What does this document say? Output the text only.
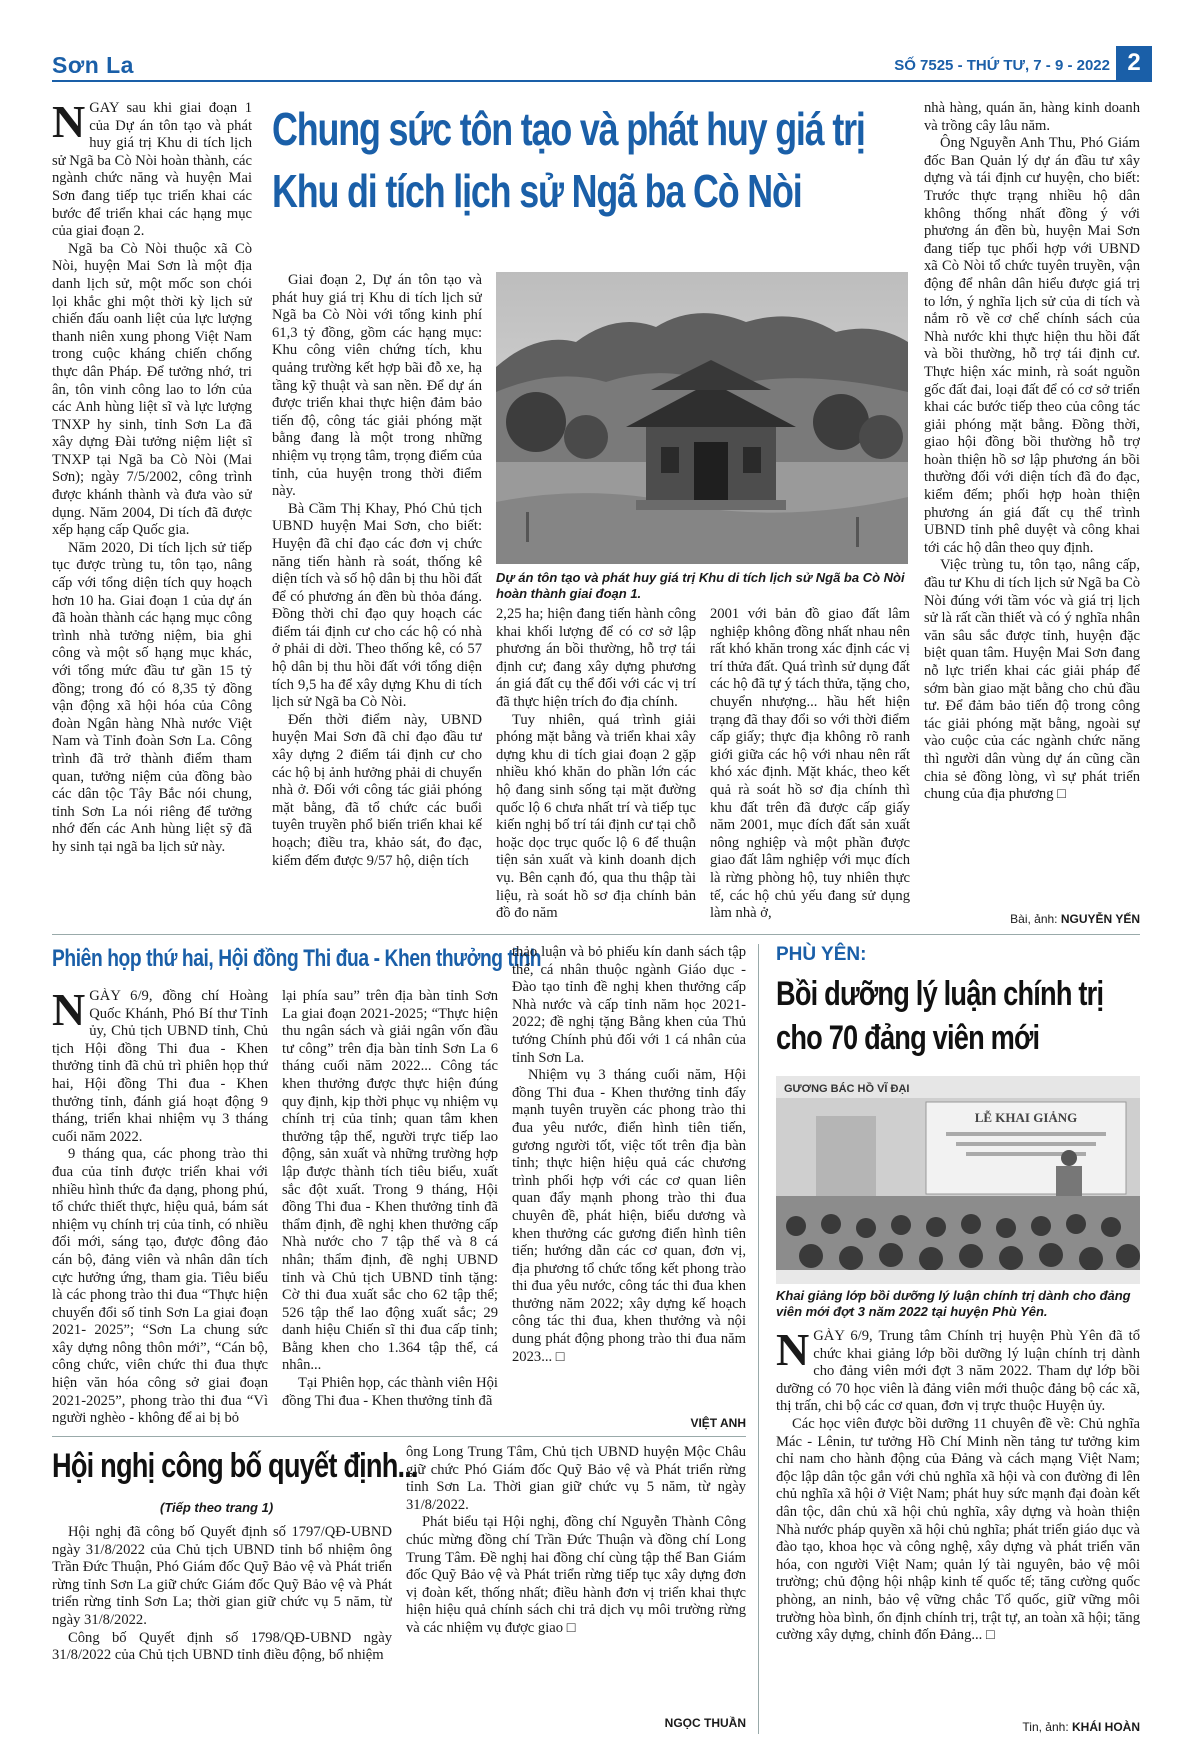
Sơn La	SỐ 7525 - THỨ TƯ, 7 - 9 - 2022 2

NGAY sau khi giai đoạn 1 của Dự án tôn tạo và phát huy giá trị Khu di tích lịch sử Ngã ba Cò Nòi hoàn thành, các ngành chức năng và huyện Mai Sơn đang tiếp tục triển khai các bước để triển khai các hạng mục của giai đoạn 2.

Ngã ba Cò Nòi thuộc xã Cò Nòi, huyện Mai Sơn là một địa danh lịch sử, một mốc son chói lọi khắc ghi một thời kỳ lịch sử chiến đấu oanh liệt của lực lượng thanh niên xung phong Việt Nam trong cuộc kháng chiến chống thực dân Pháp. Để tưởng nhớ, tri ân, tôn vinh công lao to lớn của các Anh hùng liệt sĩ và lực lượng TNXP hy sinh, tỉnh Sơn La đã xây dựng Đài tưởng niệm liệt sĩ TNXP tại Ngã ba Cò Nòi (Mai Sơn); ngày 7/5/2002, công trình được khánh thành và đưa vào sử dụng. Năm 2004, Di tích đã được xếp hạng cấp Quốc gia.

Năm 2020, Di tích lịch sử tiếp tục được trùng tu, tôn tạo, nâng cấp với tổng diện tích quy hoạch hơn 10 ha. Giai đoạn 1 của dự án đã hoàn thành các hạng mục công trình nhà tưởng niệm, bia ghi công và một số hạng mục khác, với tổng mức đầu tư gần 15 tỷ đồng; trong đó có 8,35 tỷ đồng vận động xã hội hóa của Công đoàn Ngân hàng Nhà nước Việt Nam và Tỉnh đoàn Sơn La. Công trình đã trở thành điểm tham quan, tưởng niệm của đồng bào các dân tộc Tây Bắc nói chung, tỉnh Sơn La nói riêng để tưởng nhớ đến các Anh hùng liệt sỹ đã hy sinh tại ngã ba lịch sử này.

Chung sức tôn tạo và phát huy giá trị
Khu di tích lịch sử Ngã ba Cò Nòi

Giai đoạn 2, Dự án tôn tạo và phát huy giá trị Khu di tích lịch sử Ngã ba Cò Nòi với tổng kinh phí 61,3 tỷ đồng, gồm các hạng mục: Khu công viên chứng tích, khu quảng trường kết hợp bãi đỗ xe, hạ tầng kỹ thuật và san nền. Để dự án được triển khai thực hiện đảm bảo tiến độ, công tác giải phóng mặt bằng đang là một trong những nhiệm vụ trọng tâm, trọng điểm của tỉnh, của huyện trong thời điểm này.

Bà Cầm Thị Khay, Phó Chủ tịch UBND huyện Mai Sơn, cho biết: Huyện đã chỉ đạo các đơn vị chức năng tiến hành rà soát, thống kê diện tích và số hộ dân bị thu hồi đất để có phương án đền bù thỏa đáng. Đồng thời chỉ đạo quy hoạch các điểm tái định cư cho các hộ có nhà ở phải di dời. Theo thống kê, có 57 hộ dân bị thu hồi đất với tổng diện tích 9,5 ha để xây dựng Khu di tích lịch sử Ngã ba Cò Nòi.

Đến thời điểm này, UBND huyện Mai Sơn đã chỉ đạo đầu tư xây dựng 2 điểm tái định cư cho các hộ bị ảnh hưởng phải di chuyển nhà ở. Đối với công tác giải phóng mặt bằng, đã tổ chức các buổi tuyên truyền phổ biến triển khai kế hoạch; điều tra, khảo sát, đo đạc, kiểm đếm được 9/57 hộ, diện tích

Dự án tôn tạo và phát huy giá trị Khu di tích lịch sử Ngã ba Cò Nòi hoàn thành giai đoạn 1.

2,25 ha; hiện đang tiến hành công khai khối lượng để có cơ sở lập phương án bồi thường, hỗ trợ tái định cư; đang xây dựng phương án giá đất cụ thể đối với các vị trí đã thực hiện trích đo địa chính.

Tuy nhiên, quá trình giải phóng mặt bằng và triển khai xây dựng khu di tích giai đoạn 2 gặp nhiều khó khăn do phần lớn các hộ đang sinh sống tại mặt đường quốc lộ 6 chưa nhất trí và tiếp tục kiến nghị bố trí tái định cư tại chỗ hoặc dọc trục quốc lộ 6 để thuận tiện sản xuất và kinh doanh dịch vụ. Bên cạnh đó, qua thu thập tài liệu, rà soát hồ sơ địa chính bản đồ đo năm

2001 với bản đồ giao đất lâm nghiệp không đồng nhất nhau nên rất khó khăn trong xác định các vị trí thửa đất. Quá trình sử dụng đất các hộ đã tự ý tách thửa, tặng cho, chuyển nhượng... hầu hết hiện trạng đã thay đổi so với thời điểm cấp giấy; thực địa không rõ ranh giới giữa các hộ với nhau nên rất khó xác định. Mặt khác, theo kết quả rà soát hồ sơ địa chính thì khu đất trên đã được cấp giấy năm 2001, mục đích đất sản xuất nông nghiệp và một phần được giao đất lâm nghiệp với mục đích là rừng phòng hộ, tuy nhiên thực tế, các hộ chủ yếu đang sử dụng làm nhà ở,

nhà hàng, quán ăn, hàng kinh doanh và trồng cây lâu năm.

Ông Nguyễn Anh Thu, Phó Giám đốc Ban Quản lý dự án đầu tư xây dựng và tái định cư huyện, cho biết: Trước thực trạng nhiều hộ dân không thống nhất đồng ý với phương án đền bù, huyện Mai Sơn đang tiếp tục phối hợp với UBND xã Cò Nòi tổ chức tuyên truyền, vận động để nhân dân hiểu được giá trị to lớn, ý nghĩa lịch sử của di tích và nắm rõ về cơ chế chính sách của Nhà nước khi thực hiện thu hồi đất và bồi thường, hỗ trợ tái định cư. Thực hiện xác minh, rà soát nguồn gốc đất đai, loại đất để có cơ sở triển khai các bước tiếp theo của công tác giải phóng mặt bằng. Đồng thời, giao hội đồng bồi thường hỗ trợ hoàn thiện hồ sơ lập phương án bồi thường đối với diện tích đã đo đạc, kiểm đếm; phối hợp hoàn thiện phương án giá đất cụ thể trình UBND tỉnh phê duyệt và công khai tới các hộ dân theo quy định.

Việc trùng tu, tôn tạo, nâng cấp, đầu tư Khu di tích lịch sử Ngã ba Cò Nòi đúng với tầm vóc và giá trị lịch sử là rất cần thiết và có ý nghĩa nhân văn sâu sắc được tỉnh, huyện đặc biệt quan tâm. Huyện Mai Sơn đang nỗ lực triển khai các giải pháp để sớm bàn giao mặt bằng cho chủ đầu tư. Để đảm bảo tiến độ trong công tác giải phóng mặt bằng, ngoài sự vào cuộc của các ngành chức năng thì người dân vùng dự án cũng cần chia sẻ đồng lòng, vì sự phát triển chung của địa phương □

Bài, ảnh: NGUYỄN YẾN
Phiên họp thứ hai, Hội đồng Thi đua - Khen thưởng tỉnh

NGÀY 6/9, đồng chí Hoàng Quốc Khánh, Phó Bí thư Tỉnh ủy, Chủ tịch UBND tỉnh, Chủ tịch Hội đồng Thi đua - Khen thưởng tỉnh đã chủ trì phiên họp thứ hai, Hội đồng Thi đua - Khen thưởng tỉnh, đánh giá hoạt động 9 tháng, triển khai nhiệm vụ 3 tháng cuối năm 2022.

9 tháng qua, các phong trào thi đua của tỉnh được triển khai với nhiều hình thức đa dạng, phong phú, tổ chức thiết thực, hiệu quả, bám sát nhiệm vụ chính trị của tỉnh, có nhiều đổi mới, sáng tạo, được đông đảo cán bộ, đảng viên và nhân dân tích cực hưởng ứng, tham gia. Tiêu biểu là các phong trào thi đua “Thực hiện chuyển đổi số tỉnh Sơn La giai đoạn 2021- 2025”; “Sơn La chung sức xây dựng nông thôn mới”, “Cán bộ, công chức, viên chức thi đua thực hiện văn hóa công sở giai đoạn 2021-2025”, phong trào thi đua “Vì người nghèo - không để ai bị bỏ

lại phía sau” trên địa bàn tỉnh Sơn La giai đoạn 2021-2025; “Thực hiện thu ngân sách và giải ngân vốn đầu tư công” trên địa bàn tỉnh Sơn La 6 tháng cuối năm 2022... Công tác khen thưởng được thực hiện đúng quy định, kịp thời phục vụ nhiệm vụ chính trị của tỉnh; quan tâm khen thưởng tập thể, người trực tiếp lao động, sản xuất và những trường hợp lập được thành tích tiêu biểu, xuất sắc đột xuất. Trong 9 tháng, Hội đồng Thi đua - Khen thưởng tỉnh đã thẩm định, đề nghị khen thưởng cấp Nhà nước cho 7 tập thể và 8 cá nhân; thẩm định, đề nghị UBND tỉnh và Chủ tịch UBND tỉnh tặng: Cờ thi đua xuất sắc cho 62 tập thể; 526 tập thể lao động xuất sắc; 29 danh hiệu Chiến sĩ thi đua cấp tỉnh; Bằng khen cho 1.364 tập thể, cá nhân...

Tại Phiên họp, các thành viên Hội đồng Thi đua - Khen thưởng tỉnh đã

thảo luận và bỏ phiếu kín danh sách tập thể, cá nhân thuộc ngành Giáo dục - Đào tạo tỉnh đề nghị khen thưởng cấp Nhà nước và cấp tỉnh năm học 2021-2022; đề nghị tặng Bằng khen của Thủ tướng Chính phủ đối với 1 cá nhân của tỉnh Sơn La.

Nhiệm vụ 3 tháng cuối năm, Hội đồng Thi đua - Khen thưởng tỉnh đẩy mạnh tuyên truyền các phong trào thi đua yêu nước, điển hình tiên tiến, gương người tốt, việc tốt trên địa bàn tỉnh; thực hiện hiệu quả các chương trình phối hợp với các cơ quan liên quan đẩy mạnh phong trào thi đua chuyên đề, phát hiện, biểu dương và khen thưởng các gương điển hình tiên tiến; hướng dẫn các cơ quan, đơn vị, địa phương tổ chức tổng kết phong trào thi đua yêu nước, công tác thi đua khen thưởng năm 2022; xây dựng kế hoạch công tác thi đua, khen thưởng và nội dung phát động phong trào thi đua năm 2023... □

VIỆT ANH
Hội nghị công bố quyết định...
(Tiếp theo trang 1)

Hội nghị đã công bố Quyết định số 1797/QĐ-UBND ngày 31/8/2022 của Chủ tịch UBND tỉnh bổ nhiệm ông Trần Đức Thuận, Phó Giám đốc Quỹ Bảo vệ và Phát triển rừng tỉnh Sơn La giữ chức Giám đốc Quỹ Bảo vệ và Phát triển rừng tỉnh Sơn La; thời gian giữ chức vụ 5 năm, từ ngày 31/8/2022.

Công bố Quyết định số 1798/QĐ-UBND ngày 31/8/2022 của Chủ tịch UBND tỉnh điều động, bổ nhiệm

ông Long Trung Tâm, Chủ tịch UBND huyện Mộc Châu giữ chức Phó Giám đốc Quỹ Bảo vệ và Phát triển rừng tỉnh Sơn La. Thời gian giữ chức vụ 5 năm, từ ngày 31/8/2022.

Phát biểu tại Hội nghị, đồng chí Nguyễn Thành Công chúc mừng đồng chí Trần Đức Thuận và đồng chí Long Trung Tâm. Đề nghị hai đồng chí cùng tập thể Ban Giám đốc Quỹ Bảo vệ và Phát triển rừng tiếp tục xây dựng đơn vị đoàn kết, thống nhất; điều hành đơn vị triển khai thực hiện hiệu quả chính sách chi trả dịch vụ môi trường rừng và các nhiệm vụ được giao □

NGỌC THUẦN
PHÙ YÊN:
Bồi dưỡng lý luận chính trị
cho 70 đảng viên mới
GƯƠNG BÁC HỒ VĨ ĐẠI
LỄ KHAI GIẢNG
Khai giảng lớp bồi dưỡng lý luận chính trị dành cho đảng viên mới đợt 3 năm 2022 tại huyện Phù Yên.

NGÀY 6/9, Trung tâm Chính trị huyện Phù Yên đã tổ chức khai giảng lớp bồi dưỡng lý luận chính trị dành cho đảng viên mới đợt 3 năm 2022. Tham dự lớp bồi dưỡng có 70 học viên là đảng viên mới thuộc đảng bộ các xã, thị trấn, chi bộ các cơ quan, đơn vị trực thuộc Huyện ủy.

Các học viên được bồi dưỡng 11 chuyên đề về: Chủ nghĩa Mác - Lênin, tư tưởng Hồ Chí Minh nền tảng tư tưởng kim chỉ nam cho hành động của Đảng và cách mạng Việt Nam; độc lập dân tộc gắn với chủ nghĩa xã hội và con đường đi lên chủ nghĩa xã hội ở Việt Nam; phát huy sức mạnh đại đoàn kết dân tộc, dân chủ xã hội chủ nghĩa, xây dựng và hoàn thiện Nhà nước pháp quyền xã hội chủ nghĩa; phát triển giáo dục và đào tạo, khoa học và công nghệ, xây dựng và phát triển văn hóa, con người Việt Nam; quản lý tài nguyên, bảo vệ môi trường; chủ động hội nhập kinh tế quốc tế; tăng cường quốc phòng, an ninh, bảo vệ vững chắc Tổ quốc, giữ vững môi trường hòa bình, ổn định chính trị, trật tự, an toàn xã hội; tăng cường xây dựng, chỉnh đốn Đảng... □

Tin, ảnh: KHÁI HOÀN
